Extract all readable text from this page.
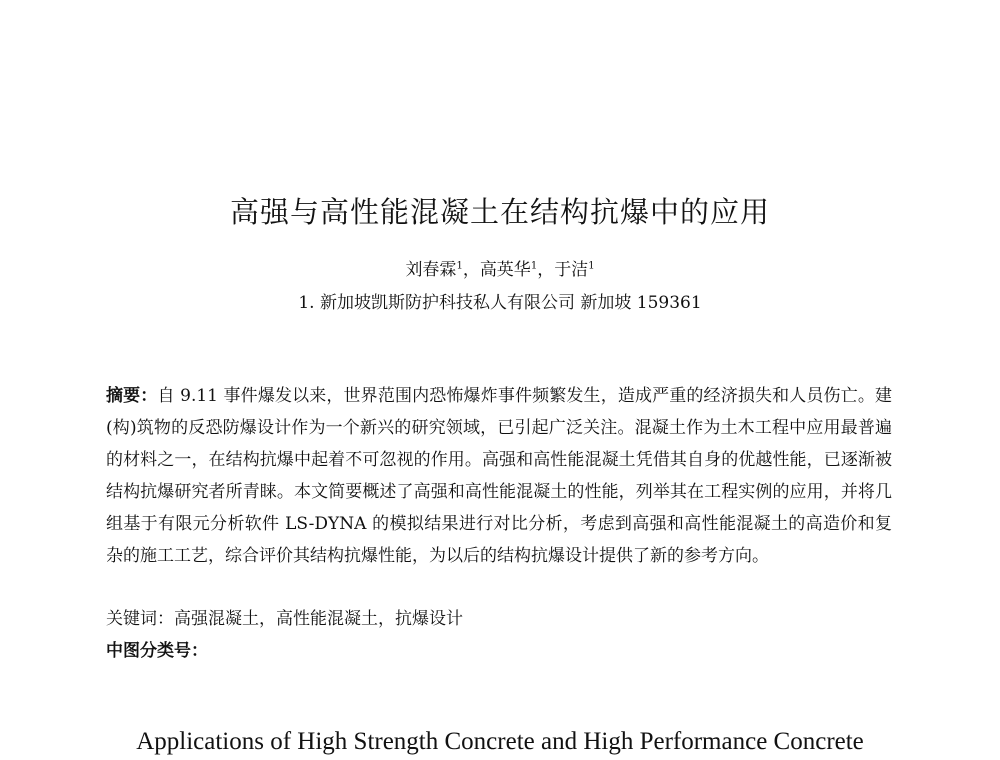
高强与高性能混凝土在结构抗爆中的应用
刘春霖$^1$，高英华$^1$，于洁$^1$
1. 新加坡凯斯防护科技私人有限公司 新加坡 159361
摘要：自 9.11 事件爆发以来，世界范围内恐怖爆炸事件频繁发生，造成严重的经济损失和人员伤亡。建(构)筑物的反恐防爆设计作为一个新兴的研究领域，已引起广泛关注。混凝土作为土木工程中应用最普遍的材料之一，在结构抗爆中起着不可忽视的作用。高强和高性能混凝土凭借其自身的优越性能，已逐渐被结构抗爆研究者所青睐。本文简要概述了高强和高性能混凝土的性能，列举其在工程实例的应用，并将几组基于有限元分析软件 LS-DYNA 的模拟结果进行对比分析，考虑到高强和高性能混凝土的高造价和复杂的施工工艺，综合评价其结构抗爆性能，为以后的结构抗爆设计提供了新的参考方向。
关键词：高强混凝土，高性能混凝土，抗爆设计
中图分类号：
Applications of High Strength Concrete and High Performance Concrete
